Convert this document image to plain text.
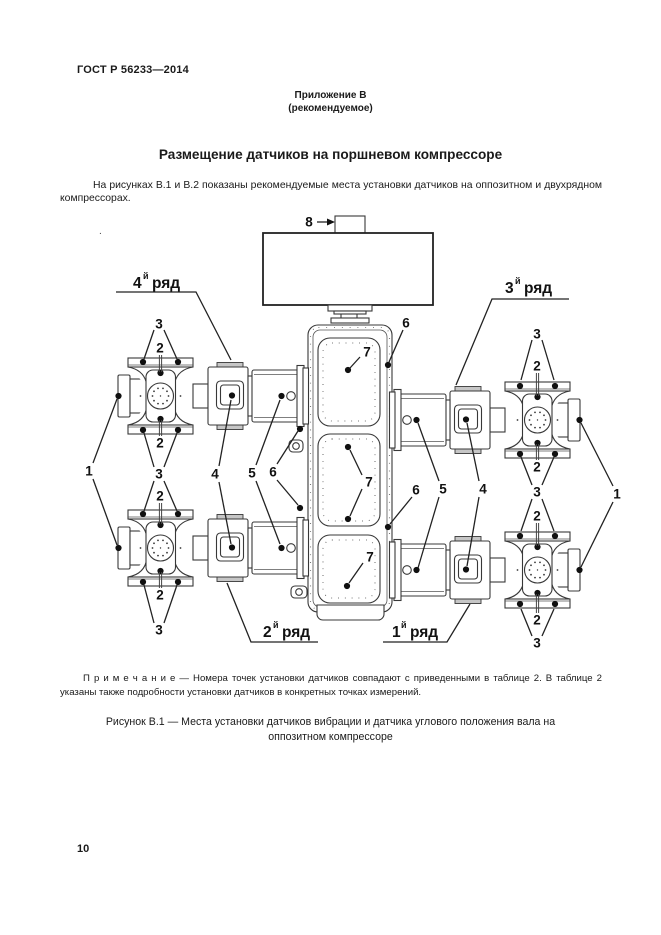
ГОСТ Р 56233—2014
Приложение В
(рекомендуемое)
Размещение датчиков на поршневом компрессоре
На рисунках В.1 и В.2 показаны рекомендуемые места установки датчиков на оппозитном и двухрядном компрессорах.
.
П р и м е ч а н и е — Номера точек установки датчиков совпадают с приведенными в таблице 2. В таблице 2 указаны также подробности установки датчиков в конкретных точках измерений.
Рисунок В.1 — Места установки датчиков вибрации и датчика углового положения вала на
оппозитном компрессоре
10
8
1
1
3
2
2
3
2
2
3
3
2
2
3
2
2
3
4 5 6
6
6 5 4
7
7
7
4 й ряд	3 й ряд
2 й ряд	1 й ряд
